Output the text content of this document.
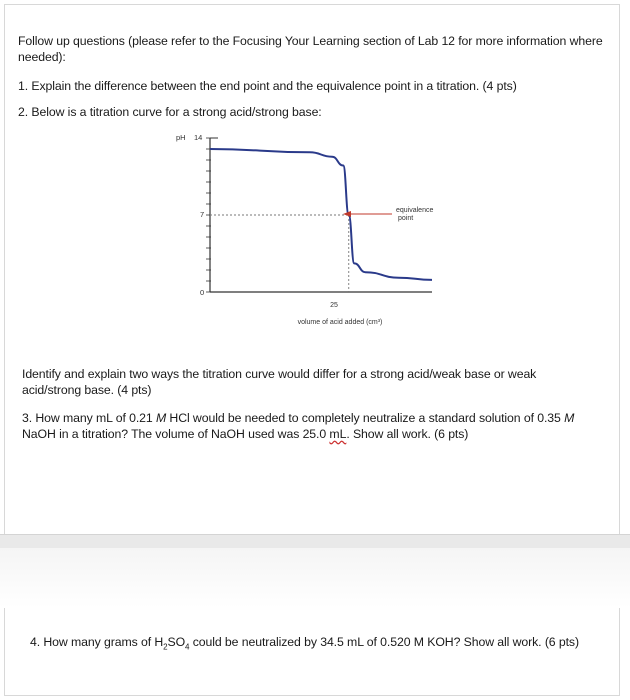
Follow up questions (please refer to the Focusing Your Learning section of Lab 12 for more information where needed):
1. Explain the difference between the end point and the equivalence point in a titration. (4 pts)
2. Below is a titration curve for a strong acid/strong base:
pH 14
7
0
25
volume of acid added (cm³)
equivalence point
Identify and explain two ways the titration curve would differ for a strong acid/weak base or weak acid/strong base. (4 pts)
3. How many mL of 0.21 M HCl would be needed to completely neutralize a standard solution of 0.35 M NaOH in a titration? The volume of NaOH used was 25.0 mL. Show all work. (6 pts)
4. How many grams of $H_2SO_4$ could be neutralized by 34.5 mL of 0.520 M KOH? Show all work. (6 pts)
